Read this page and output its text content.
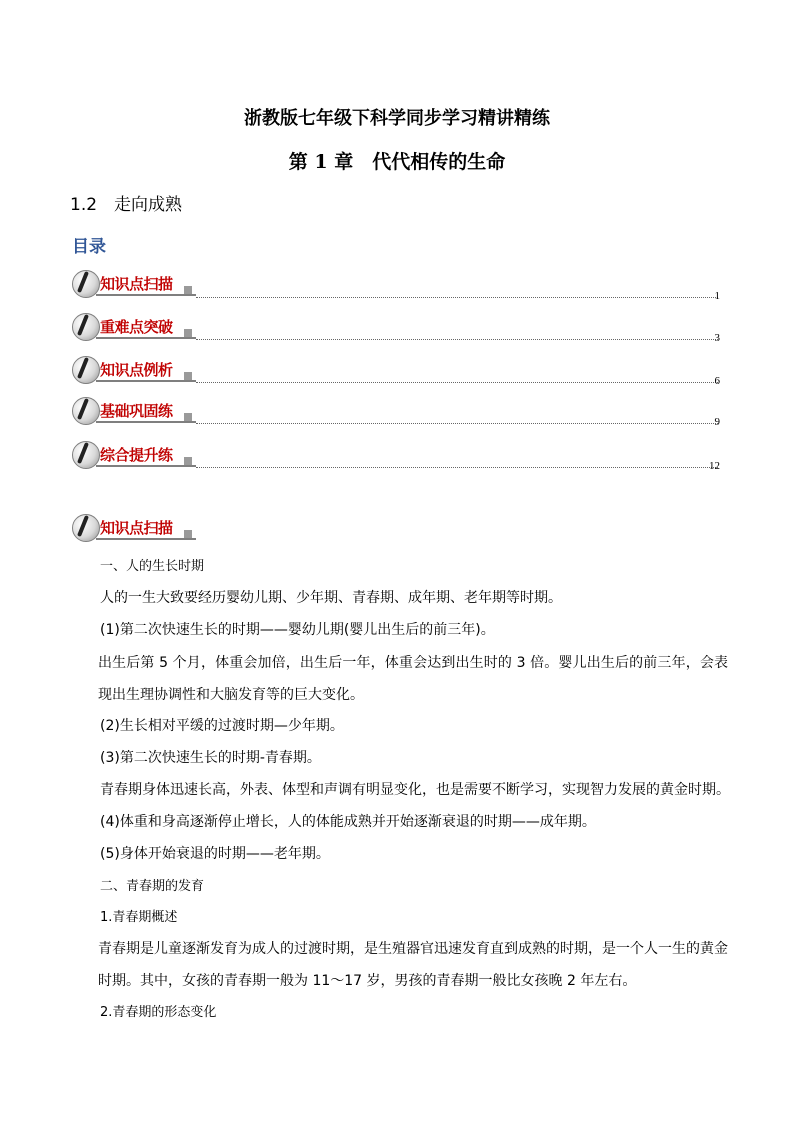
浙教版七年级下科学同步学习精讲精练
第 1 章　代代相传的生命
1.2　走向成熟
目录
知识点扫描
1
重难点突破
3
知识点例析
6
基础巩固练
9
综合提升练
12
知识点扫描
一、人的生长时期
人的一生大致要经历婴幼儿期、少年期、青春期、成年期、老年期等时期。
(1)第二次快速生长的时期——婴幼儿期(婴儿出生后的前三年)。
出生后第 5 个月，体重会加倍，出生后一年，体重会达到出生时的 3 倍。婴儿出生后的前三年，会表现出生理协调性和大脑发育等的巨大变化。
(2)生长相对平缓的过渡时期—少年期。
(3)第二次快速生长的时期-青春期。
青春期身体迅速长高，外表、体型和声调有明显变化，也是需要不断学习，实现智力发展的黄金时期。
(4)体重和身高逐渐停止增长，人的体能成熟并开始逐渐衰退的时期——成年期。
(5)身体开始衰退的时期——老年期。
二、青春期的发育
1.青春期概述
青春期是儿童逐渐发育为成人的过渡时期，是生殖器官迅速发育直到成熟的时期，是一个人一生的黄金时期。其中，女孩的青春期一般为 11～17 岁，男孩的青春期一般比女孩晚 2 年左右。
2.青春期的形态变化
